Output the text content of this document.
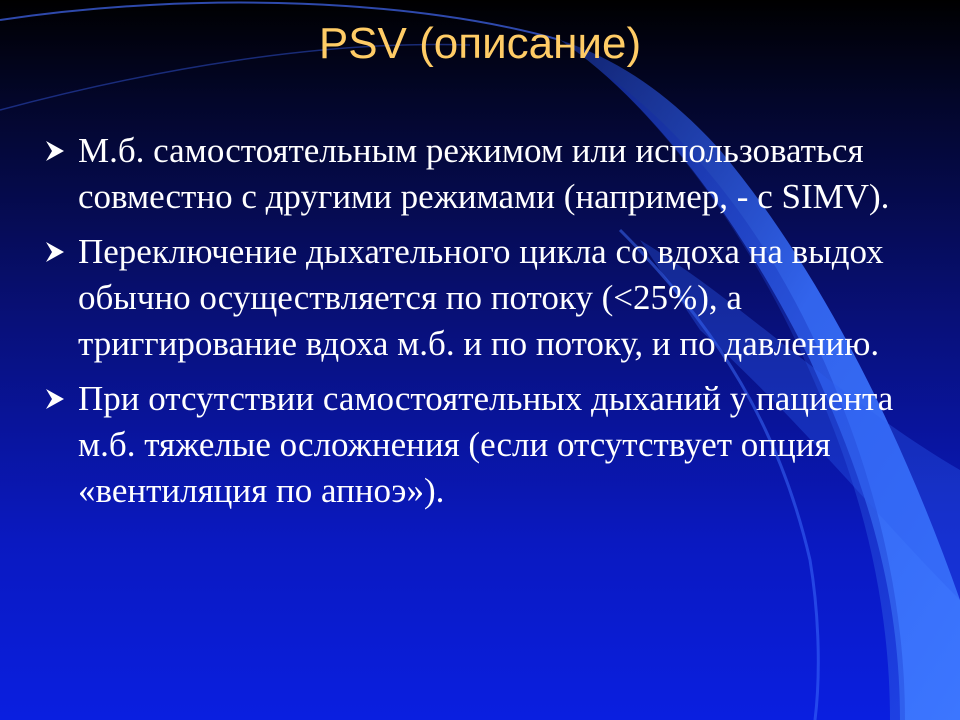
PSV (описание)
М.б. самостоятельным режимом или использоваться совместно с другими режимами (например, - с SIMV).
Переключение дыхательного цикла со вдоха на выдох обычно осуществляется по потоку (<25%), а триггирование вдоха м.б. и по потоку, и по давлению.
При отсутствии самостоятельных дыханий у пациента м.б. тяжелые осложнения (если отсутствует опция «вентиляция по апноэ»).
